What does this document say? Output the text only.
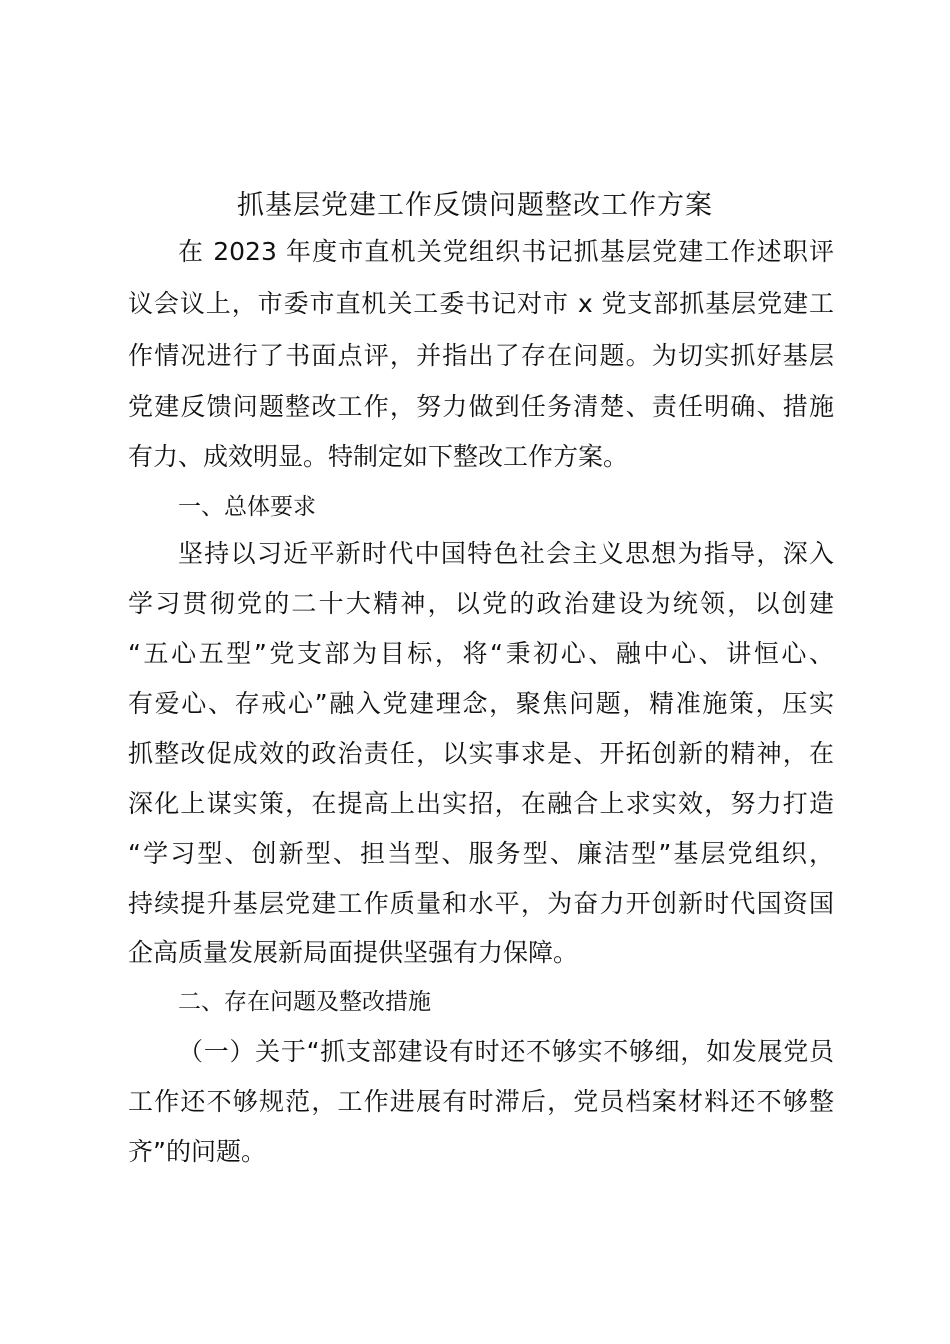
抓基层党建工作反馈问题整改工作方案
在 2023 年度市直机关党组织书记抓基层党建工作述职评
议会议上，市委市直机关工委书记对市 x 党支部抓基层党建工
作情况进行了书面点评，并指出了存在问题。为切实抓好基层
党建反馈问题整改工作，努力做到任务清楚、责任明确、措施
有力、成效明显。特制定如下整改工作方案。
一、总体要求
坚持以习近平新时代中国特色社会主义思想为指导，深入
学习贯彻党的二十大精神，以党的政治建设为统领，以创建
“五心五型”党支部为目标，将“秉初心、融中心、讲恒心、
有爱心、存戒心”融入党建理念，聚焦问题，精准施策，压实
抓整改促成效的政治责任，以实事求是、开拓创新的精神，在
深化上谋实策，在提高上出实招，在融合上求实效，努力打造
“学习型、创新型、担当型、服务型、廉洁型”基层党组织，
持续提升基层党建工作质量和水平，为奋力开创新时代国资国
企高质量发展新局面提供坚强有力保障。
二、存在问题及整改措施
（一）关于“抓支部建设有时还不够实不够细，如发展党员
工作还不够规范，工作进展有时滞后，党员档案材料还不够整
齐”的问题。
